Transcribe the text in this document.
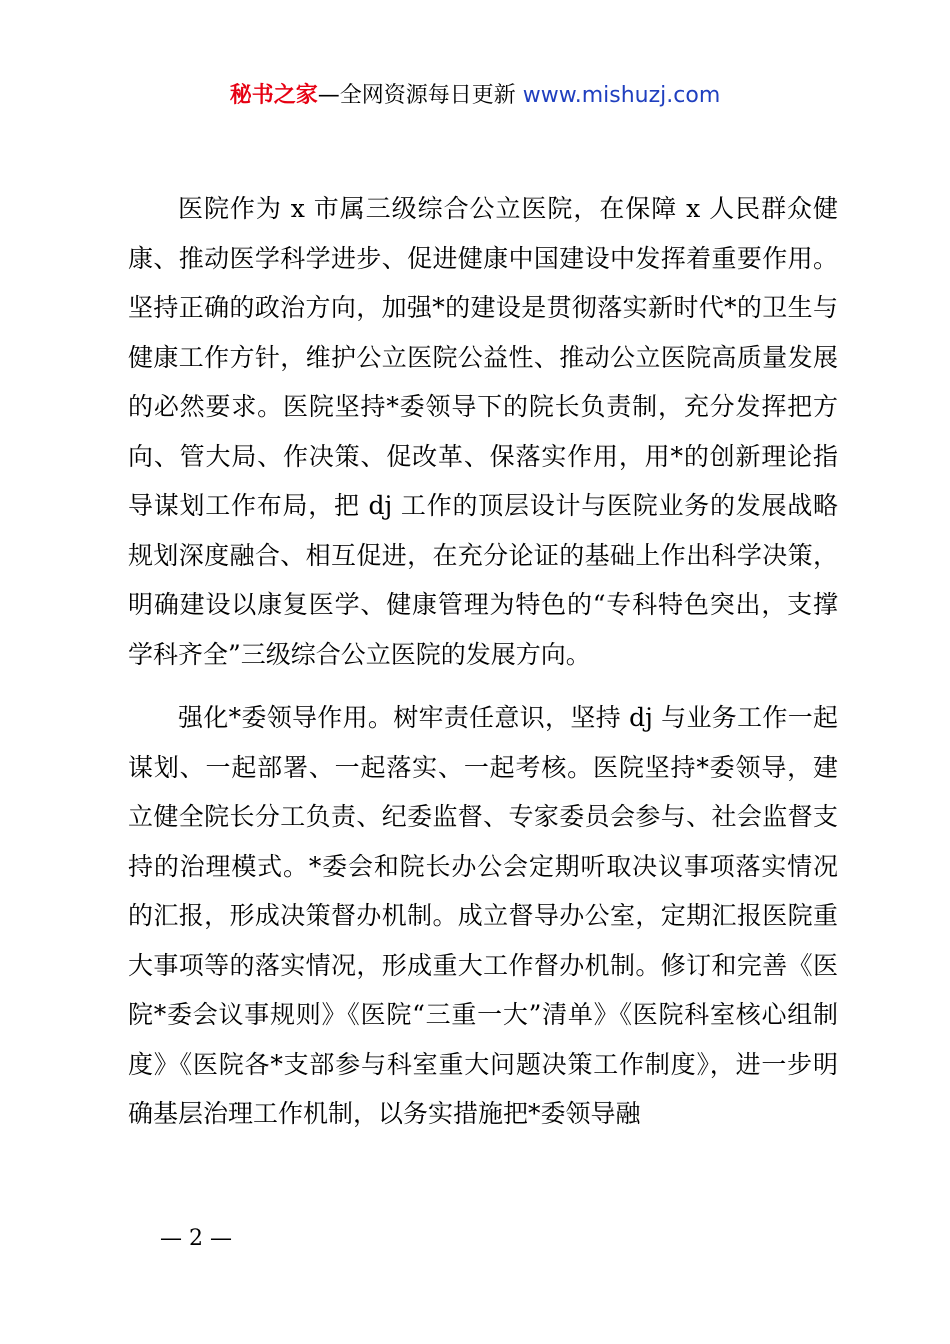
秘书之家—全网资源每日更新 www.mishuzj.com

医院作为 x 市属三级综合公立医院，在保障 x 人民群众健康、推动医学科学进步、促进健康中国建设中发挥着重要作用。坚持正确的政治方向，加强*的建设是贯彻落实新时代*的卫生与健康工作方针，维护公立医院公益性、推动公立医院高质量发展的必然要求。医院坚持*委领导下的院长负责制，充分发挥把方向、管大局、作决策、促改革、保落实作用，用*的创新理论指导谋划工作布局，把 dj 工作的顶层设计与医院业务的发展战略规划深度融合、相互促进，在充分论证的基础上作出科学决策，明确建设以康复医学、健康管理为特色的“专科特色突出，支撑学科齐全”三级综合公立医院的发展方向。

强化*委领导作用。树牢责任意识，坚持 dj 与业务工作一起谋划、一起部署、一起落实、一起考核。医院坚持*委领导，建立健全院长分工负责、纪委监督、专家委员会参与、社会监督支持的治理模式。*委会和院长办公会定期听取决议事项落实情况的汇报，形成决策督办机制。成立督导办公室，定期汇报医院重大事项等的落实情况，形成重大工作督办机制。修订和完善《医院*委会议事规则》《医院“三重一大”清单》《医院科室核心组制度》《医院各*支部参与科室重大问题决策工作制度》，进一步明确基层治理工作机制，以务实措施把*委领导融

— 2 —
